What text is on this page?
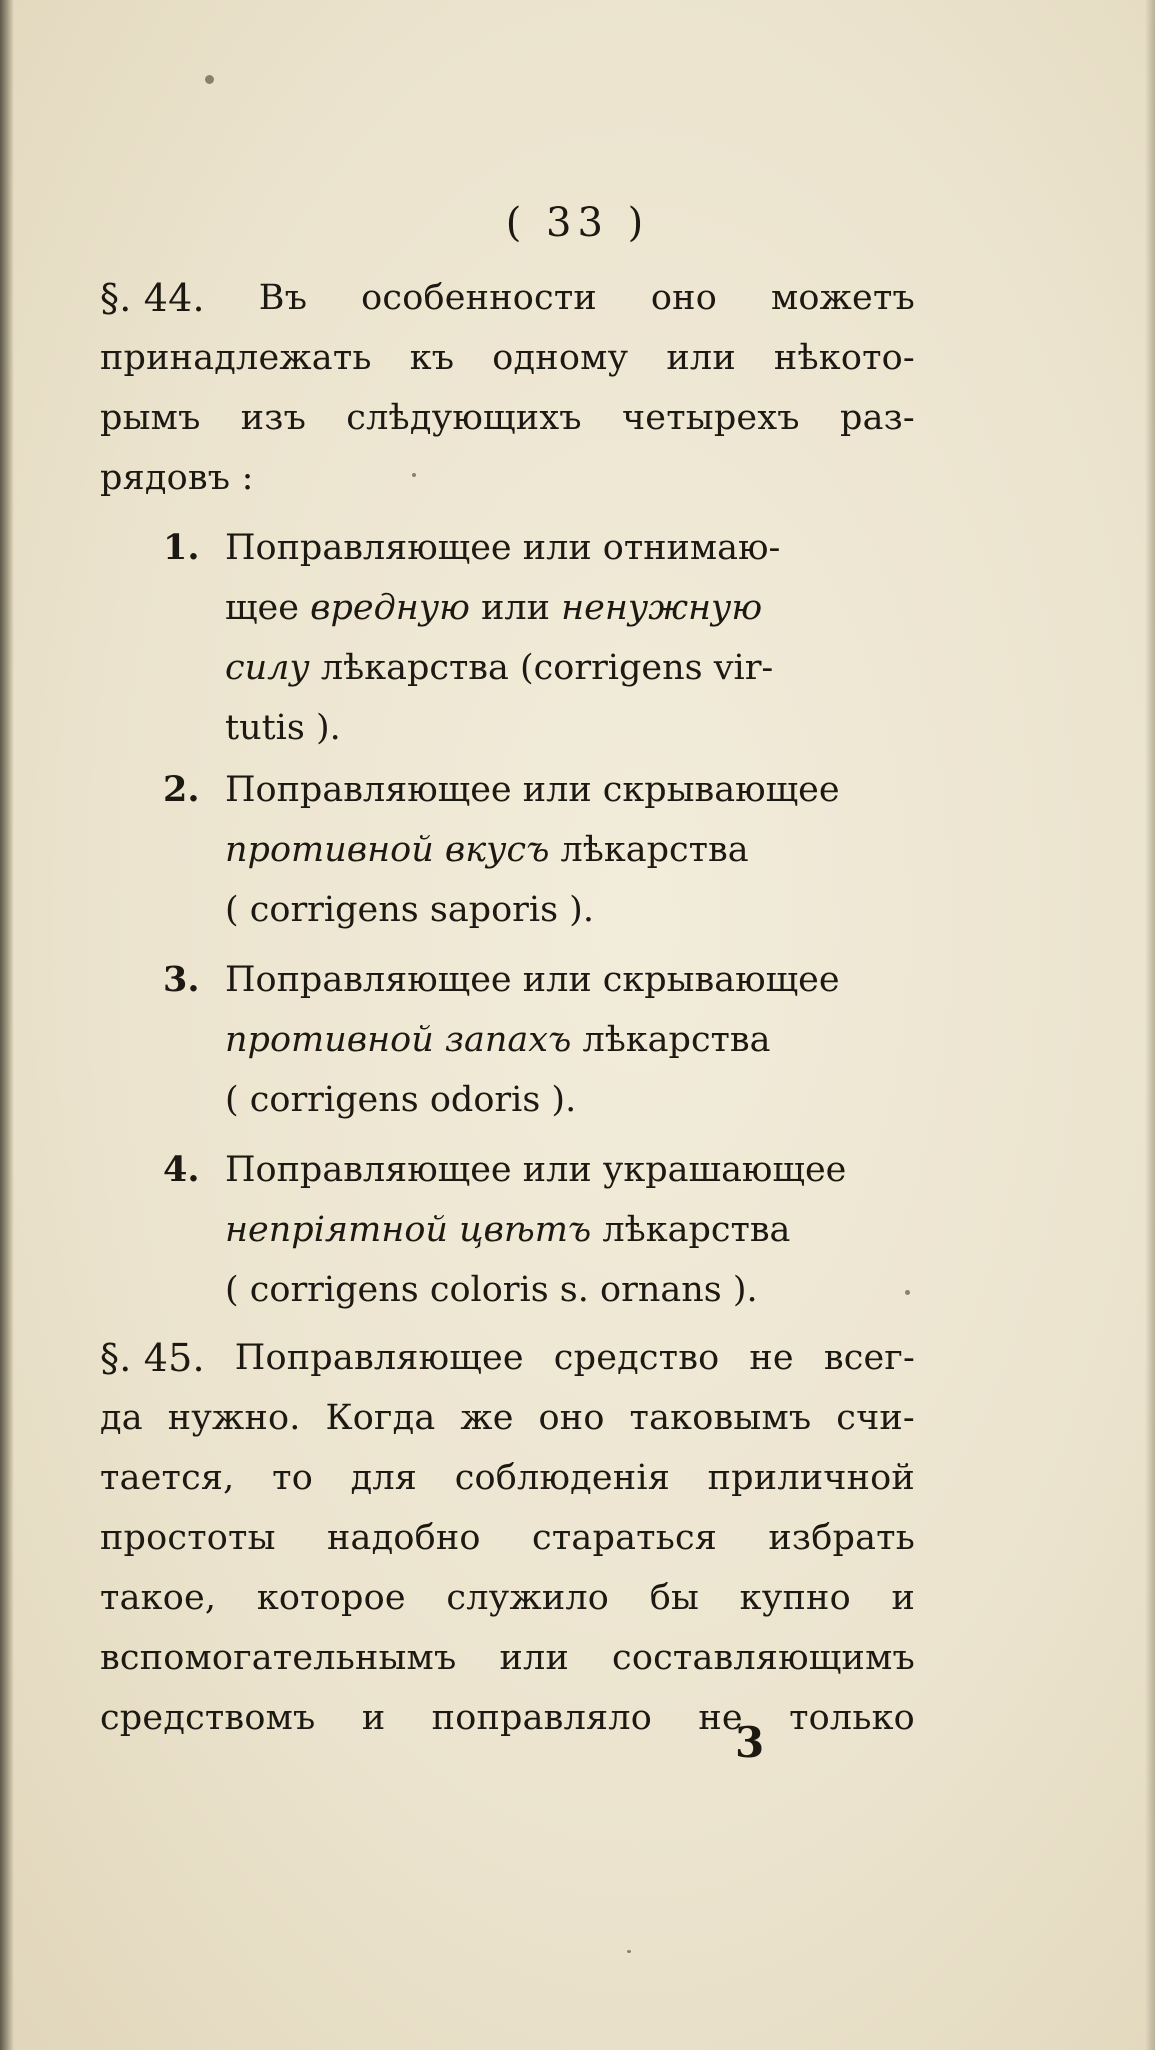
( 33 )
§. 44. Въ особенности оно можетъ
принадлежать къ одному или нѣкото-
рымъ изъ слѣдующихъ четырехъ раз-
рядовъ :
1. Поправляющее или отнимаю-
щее вредную или ненужную
силу лѣкарства (corrigens vir-
tutis ).
2. Поправляющее или скрывающее
противной вкусъ лѣкарства
( corrigens saporis ).
3. Поправляющее или скрывающее
противной запахъ лѣкарства
( corrigens odoris ).
4. Поправляющее или украшающее
непріятной цвѣтъ лѣкарства
( corrigens coloris s. ornans ).
§. 45. Поправляющее средство не всег-
да нужно. Когда же оно таковымъ счи-
тается, то для соблюденія приличной
простоты надобно стараться избрать
такое, которое служило бы купно и
вспомогательнымъ или составляющимъ
средствомъ и поправляло не только
3
